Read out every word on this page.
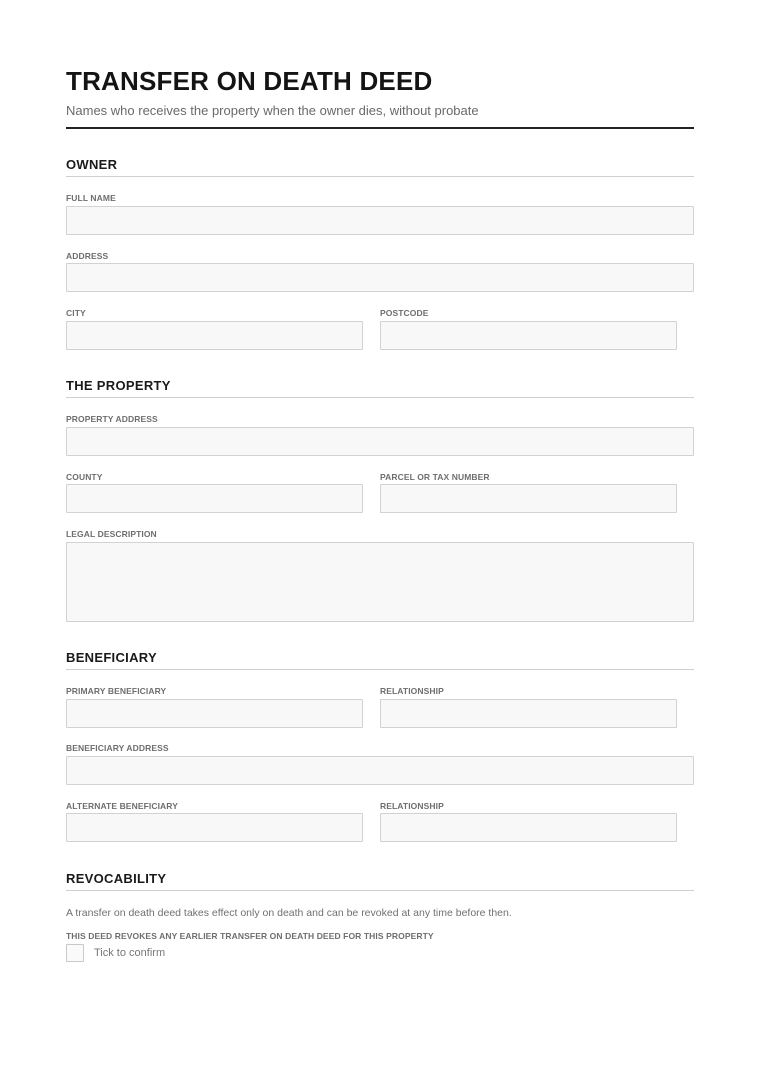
TRANSFER ON DEATH DEED
Names who receives the property when the owner dies, without probate
OWNER
FULL NAME
ADDRESS
CITY	POSTCODE
THE PROPERTY
PROPERTY ADDRESS
COUNTY	PARCEL OR TAX NUMBER
LEGAL DESCRIPTION
BENEFICIARY
PRIMARY BENEFICIARY	RELATIONSHIP
BENEFICIARY ADDRESS
ALTERNATE BENEFICIARY	RELATIONSHIP
REVOCABILITY
A transfer on death deed takes effect only on death and can be revoked at any time before then.
THIS DEED REVOKES ANY EARLIER TRANSFER ON DEATH DEED FOR THIS PROPERTY
Tick to confirm
